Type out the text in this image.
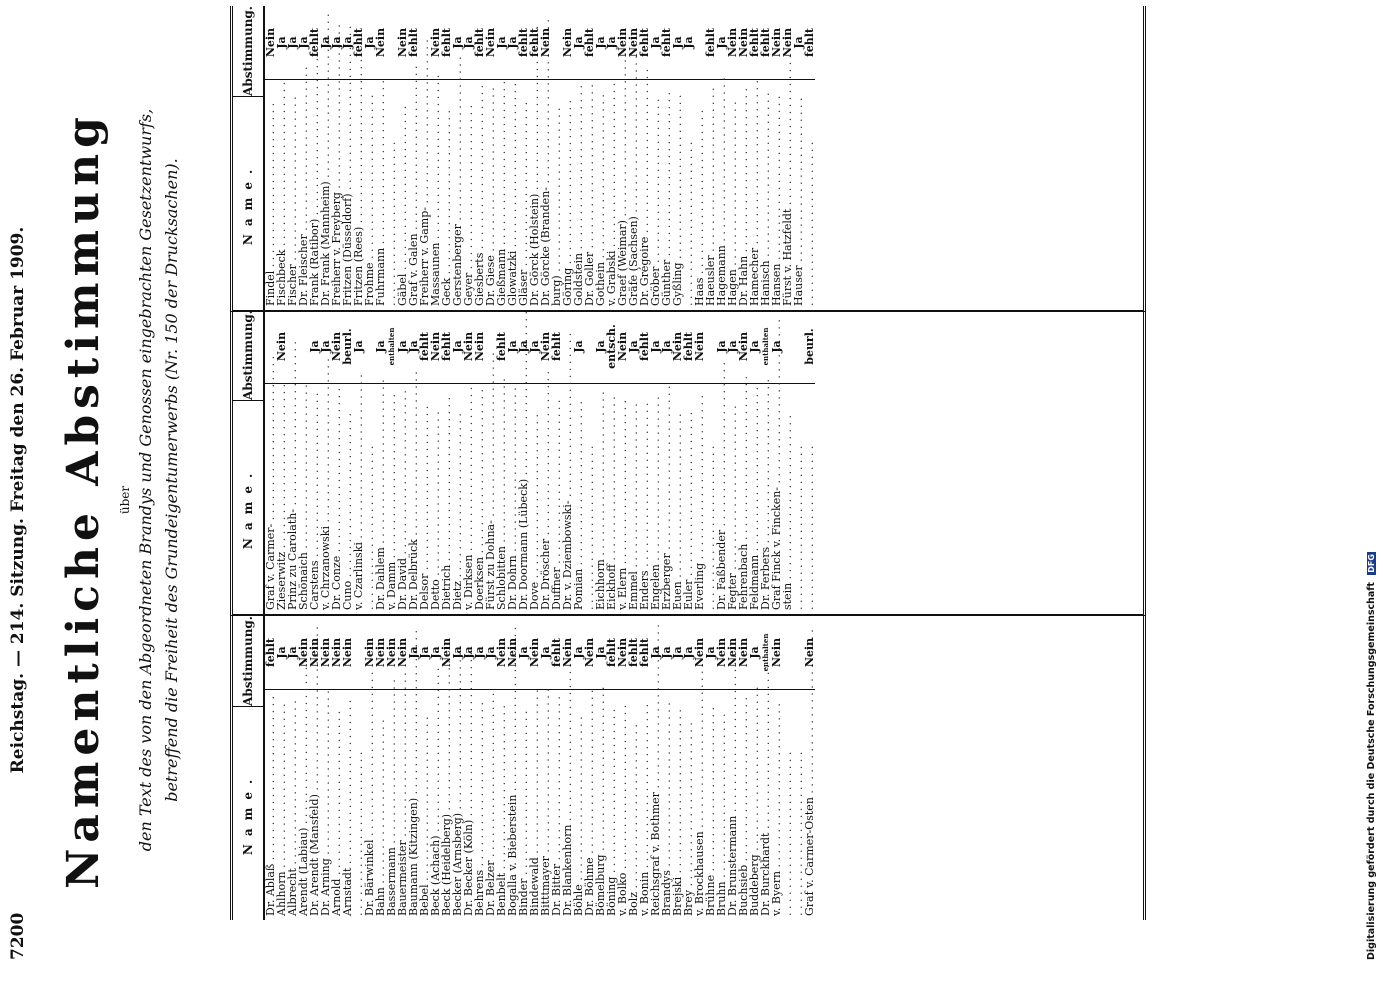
7200
Reichstag. — 214. Sitzung. Freitag den 26. Februar 1909. Namentliche Abstimmung über den Text des von den Abgeordneten Brandys und Genossen eingebrachten Gesetzentwurfs, betreffend die Freiheit des Grundeigentumerwerbs (Nr. 150 der Drucksachen).
Name.
Abstimmung.
Dr. Ablaß . . .
fehlt
Ahlhorn . . .
Ja
Albrecht . . .
Ja
Arendt (Labiau) . . .
Nein
Dr. Arendt (Mansfeld) . . .
Nein
Dr. Arning . . .
Nein
Arnold . . .
Nein
Arnstadt . . .
Nein
. . .
Dr. Bärwinkel . . .
Nein
Bahn . . .
Nein
Bassermann . . .
Nein
Bauermeister . . .
Nein
Baumann (Kitzingen) . . .
Ja
Bebel . . .
Ja
Beck (Achach) . . .
Ja
Beck (Heidelberg) . . .
Nein
Becker (Arnsberg) . . .
Ja
Dr. Becker (Köln) . . .
Ja
Behrens . . .
Ja
Dr. Belzer . . .
Ja
Benbelt . . .
Nein
Bogalla v. Bieberstein . . .
Nein
Binder . . .
Ja
Bindewald . . .
Nein
Bitttmayer . . .
Ja
Dr. Bitter . . .
fehlt
Dr. Blankenhorn . . .
Nein
Böhle . . .
Ja
Dr. Böhme . . .
Nein
Bömelburg . . .
Ja
Böning . . .
fehlt
v. Bolko . . .
Nein
Bolz . . .
fehlt
v. Bonin . . .
fehlt
Reichsgraf v. Bothmer . . .
Ja
Brandys . . .
Ja
Brejski . . .
Ja
Brey . . .
Ja
v. Brockhausen . . .
Nein
Brühne . . .
Ja
Bruhn . . .
Nein
Dr. Brunstermann . . .
Nein
Buchsieb . . .
Nein
Buddeberg . . .
Ja
Dr. Burckhardt . . .
enthalten
v. Byern . . .
Nein
. . .
. . .
Graf v. Carmer-Osten . . .
Nein
Name.
Abstimmung.
Graf v. Carmer- . . .
Zieserwitz . . .
Nein
Prinz zu Carolath- . . .
Schönaich . . .
Carstens . . .
Ja
v. Chrzanowski . . .
Ja
Dr. Conze . . .
Nein
Cuno . . .
beurl.
v. Czarlinski . . .
Ja
. . .
Dr. Dahlem . . .
Ja
v. Damm . . .
enthalten
Dr. David . . .
Ja
Dr. Delbrück . . .
Ja
Delsor . . .
fehlt
Detto . . .
Nein
Dietrich . . .
fehlt
Dietz . . .
Ja
v. Dirksen . . .
Nein
Doerksen . . .
Nein
Fürst zu Dohna- . . .
Schlobitten . . .
fehlt
Dr. Dohrn . . .
Ja
Dr. Doormann (Lübeck) . . .
Ja
Dove . . .
Ja
Dr. Dröscher . . .
Nein
Duffner . . .
fehlt
Dr. v. Dziembowski- . . .
Pomian . . .
Ja
. . .
Eichhorn . . .
Ja
Eickhoff . . .
entsch.
v. Elern . . .
Nein
Emmel . . .
Ja
Enders . . .
fehlt
Engelen . . .
Ja
Erzberger . . .
Ja
Euen . . .
Nein
Euler . . .
fehlt
Everling . . .
Nein
. . .
Dr. Faßbender . . .
Ja
Fegter . . .
Ja
Fehrenbach . . .
Nein
Feldmann . . .
Ja
Dr. Ferbers . . .
enthalten
Graf Finck v. Fincken- . . .
Ja
stein . . .
. . .
. . .
beurl.
Name.
Abstimmung.
Findel . . .
Nein
Fischbeck . . .
Ja
Fischer . . .
Ja
Dr. Fleischer . . .
Ja
Frank (Ratibor) . . .
fehlt
Dr. Frank (Mannheim) . . .
Ja
Freiherr v. Freyberg . . .
Ja
Fritzen (Düsseldorf) . . .
Ja
Fritzen (Rees) . . .
fehlt
Frohme . . .
Ja
Fuhrmann . . .
Nein
. . .
Gäbel . . .
Nein
Graf v. Galen . . .
fehlt
Freiherr v. Gamp- . . .
Massaunen . . .
Nein
Geck . . .
fehlt
Gerstenberger . . .
Ja
Geyer . . .
Ja
Giesberts . . .
fehlt
Dr. Giese . . .
Nein
Gießmann . . .
Ja
Glowatzki . . .
Ja
Gläser . . .
fehlt
Dr. Görck (Holstein) . . .
fehlt
Dr. Görcke (Branden- . . .
Nein
burg) . . .
Göring . . .
Nein
Goldstein . . .
Ja
Dr. Goller . . .
fehlt
Gothein . . .
Ja
v. Grabski . . .
Ja
Graef (Weimar) . . .
Nein
Gräfe (Sachsen) . . .
Nein
Dr. Grégoire . . .
fehlt
Gröber . . .
Ja
Günther . . .
fehlt
Gyßling . . .
Ja
. . .
Ja
Haas . . .
Haeusler . . .
fehlt
Hagemann . . .
Ja
Hagen . . .
Nein
Dr. Hahn . . .
Nein
Hamecher . . .
fehlt
Hanisch . . .
fehlt
Hansen . . .
Nein
Fürst v. Hatzfeldt . . .
Nein
Hauser . . .
Ja
. . .
fehlt
Digitalisierung gefördert durch die Deutsche Forschungsgemeinschaft DFG
